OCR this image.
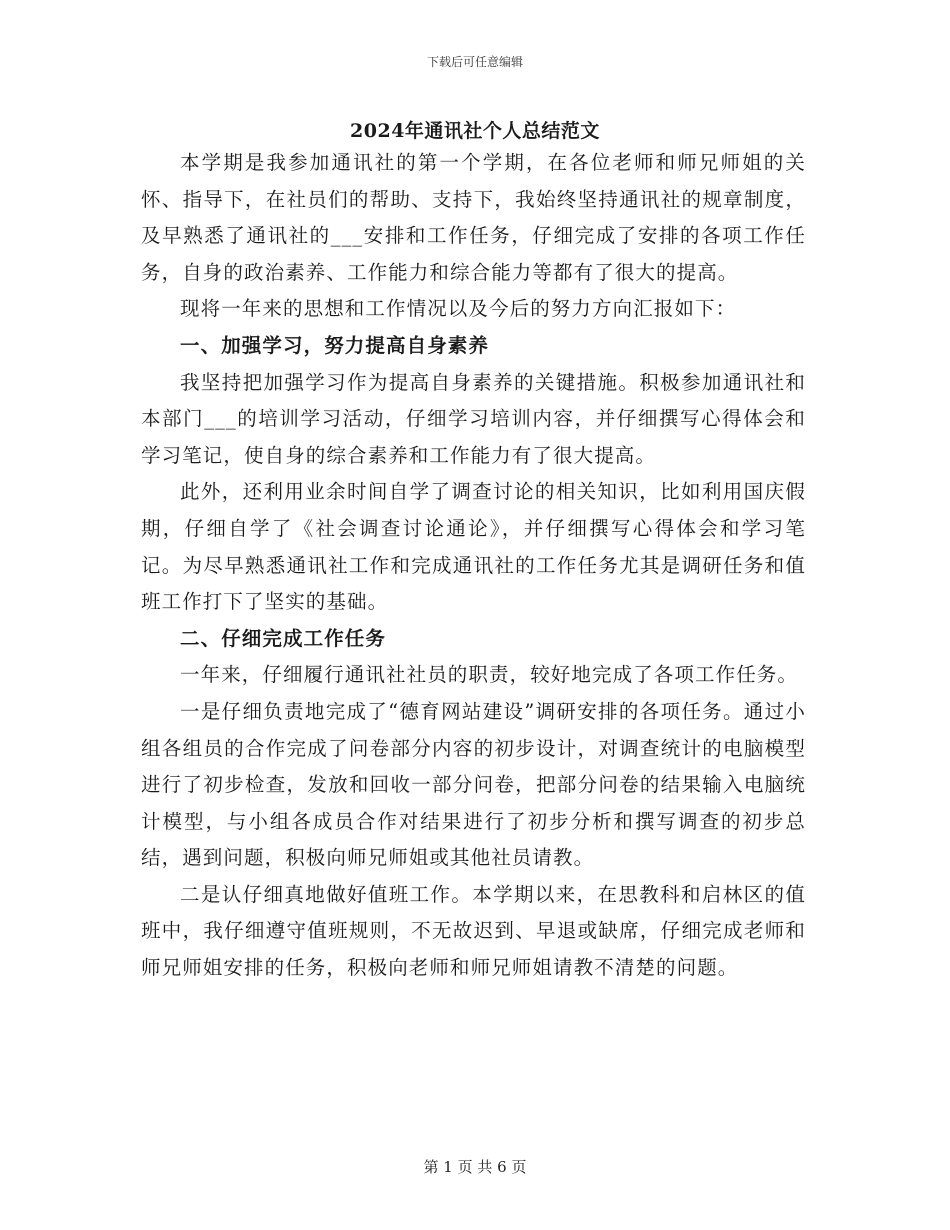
下载后可任意编辑
2024年通讯社个人总结范文

本学期是我参加通讯社的第一个学期，在各位老师和师兄师姐的关怀、指导下，在社员们的帮助、支持下，我始终坚持通讯社的规章制度，及早熟悉了通讯社的___安排和工作任务，仔细完成了安排的各项工作任务，自身的政治素养、工作能力和综合能力等都有了很大的提高。

现将一年来的思想和工作情况以及今后的努力方向汇报如下：

一、加强学习，努力提高自身素养

我坚持把加强学习作为提高自身素养的关键措施。积极参加通讯社和本部门___的培训学习活动，仔细学习培训内容，并仔细撰写心得体会和学习笔记，使自身的综合素养和工作能力有了很大提高。

此外，还利用业余时间自学了调查讨论的相关知识，比如利用国庆假期，仔细自学了《社会调查讨论通论》，并仔细撰写心得体会和学习笔记。为尽早熟悉通讯社工作和完成通讯社的工作任务尤其是调研任务和值班工作打下了坚实的基础。

二、仔细完成工作任务

一年来，仔细履行通讯社社员的职责，较好地完成了各项工作任务。

一是仔细负责地完成了“德育网站建设”调研安排的各项任务。通过小组各组员的合作完成了问卷部分内容的初步设计，对调查统计的电脑模型进行了初步检查，发放和回收一部分问卷，把部分问卷的结果输入电脑统计模型，与小组各成员合作对结果进行了初步分析和撰写调查的初步总结，遇到问题，积极向师兄师姐或其他社员请教。

二是认仔细真地做好值班工作。本学期以来，在思教科和启林区的值班中，我仔细遵守值班规则，不无故迟到、早退或缺席，仔细完成老师和师兄师姐安排的任务，积极向老师和师兄师姐请教不清楚的问题。

第 1 页 共 6 页
